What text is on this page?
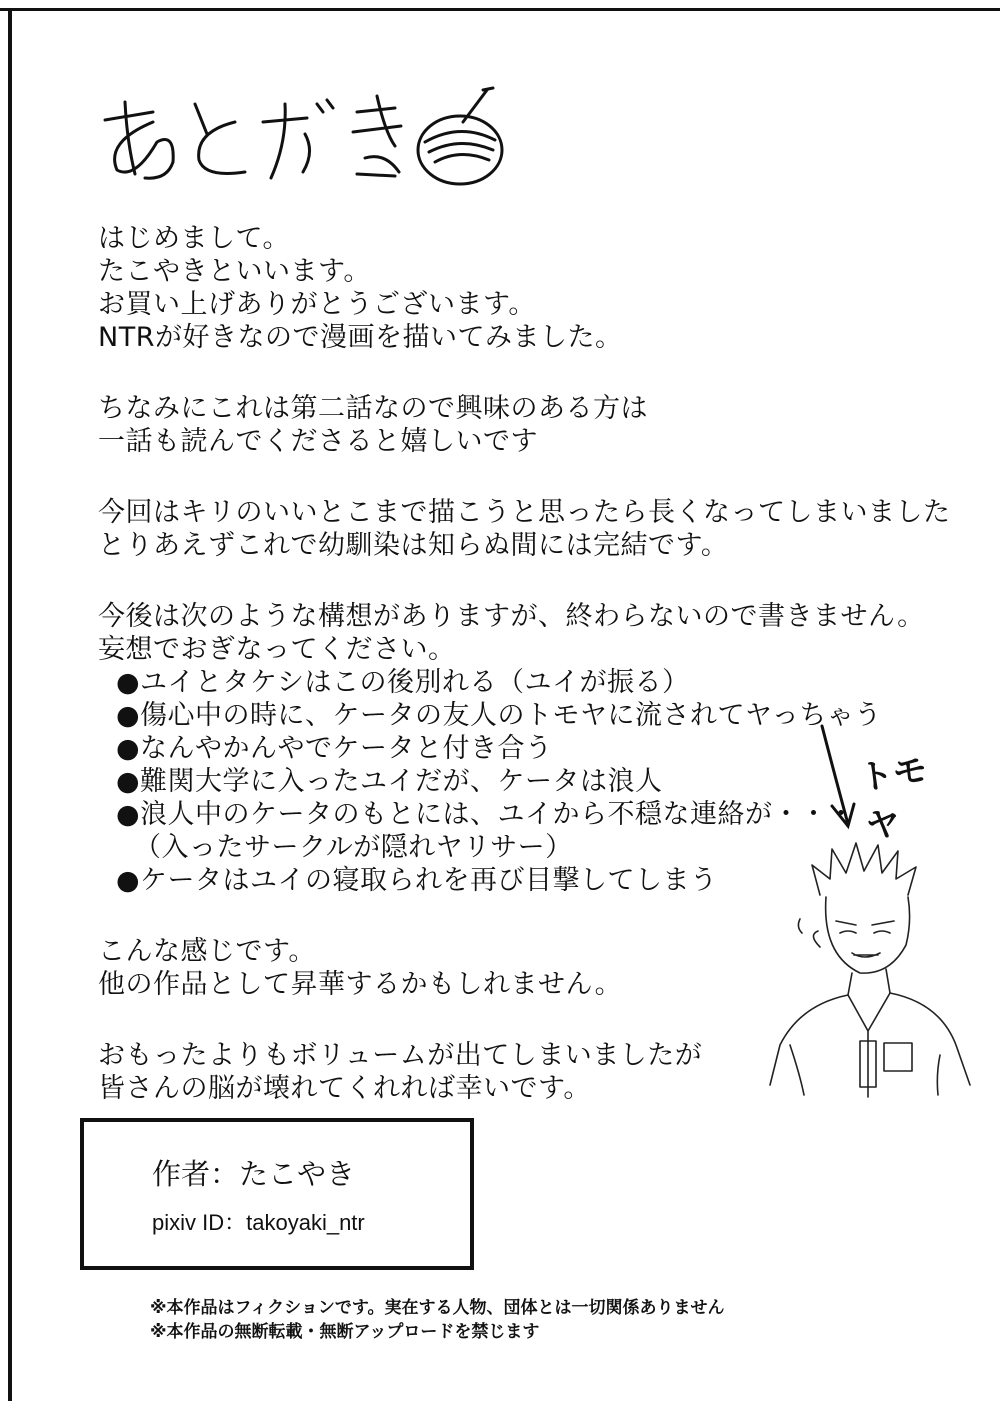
はじめまして。
たこやきといいます。
お買い上げありがとうございます。
NTRが好きなので漫画を描いてみました。
ちなみにこれは第二話なので興味のある方は
一話も読んでくださると嬉しいです
今回はキリのいいとこまで描こうと思ったら長くなってしまいました
とりあえずこれで幼馴染は知らぬ間には完結です。
今後は次のような構想がありますが、終わらないので書きません。
妄想でおぎなってください。
●ユイとタケシはこの後別れる（ユイが振る）
●傷心中の時に、ケータの友人のトモヤに流されてヤっちゃう
●なんやかんやでケータと付き合う
●難関大学に入ったユイだが、ケータは浪人
●浪人中のケータのもとには、ユイから不穏な連絡が・・・
（入ったサークルが隠れヤリサー）
●ケータはユイの寝取られを再び目撃してしまう
こんな感じです。
他の作品として昇華するかもしれません。
おもったよりもボリュームが出てしまいましたが
皆さんの脳が壊れてくれれば幸いです。
トモヤ
作者：たこやき
pixiv ID：takoyaki_ntr
※本作品はフィクションです。実在する人物、団体とは一切関係ありません
※本作品の無断転載・無断アップロードを禁じます
